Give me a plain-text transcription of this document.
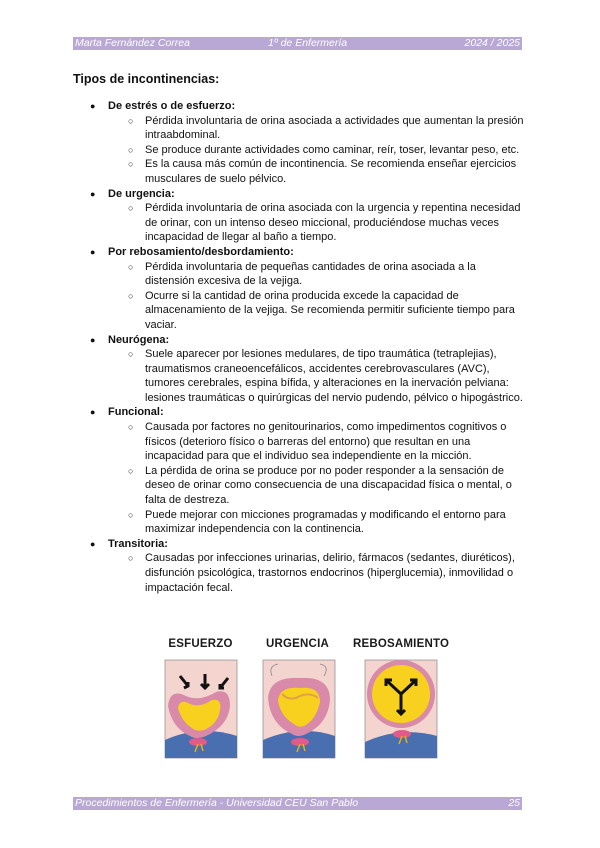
Marta Fernández Correa	1º de Enfermería	2024 / 2025
Tipos de incontinencias:
● De estrés o de esfuerzo:
○ Pérdida involuntaria de orina asociada a actividades que aumentan la presión intraabdominal.
○ Se produce durante actividades como caminar, reír, toser, levantar peso, etc.
○ Es la causa más común de incontinencia. Se recomienda enseñar ejercicios musculares de suelo pélvico.
● De urgencia:
○ Pérdida involuntaria de orina asociada con la urgencia y repentina necesidad de orinar, con un intenso deseo miccional, produciéndose muchas veces incapacidad de llegar al baño a tiempo.
● Por rebosamiento/desbordamiento:
○ Pérdida involuntaria de pequeñas cantidades de orina asociada a la distensión excesiva de la vejiga.
○ Ocurre si la cantidad de orina producida excede la capacidad de almacenamiento de la vejiga. Se recomienda permitir suficiente tiempo para vaciar.
● Neurógena:
○ Suele aparecer por lesiones medulares, de tipo traumática (tetraplejias), traumatismos craneoencefálicos, accidentes cerebrovasculares (AVC), tumores cerebrales, espina bífida, y alteraciones en la inervación pelviana: lesiones traumáticas o quirúrgicas del nervio pudendo, pélvico o hipogástrico.
● Funcional:
○ Causada por factores no genitourinarios, como impedimentos cognitivos o físicos (deterioro físico o barreras del entorno) que resultan en una incapacidad para que el individuo sea independiente en la micción.
○ La pérdida de orina se produce por no poder responder a la sensación de deseo de orinar como consecuencia de una discapacidad física o mental, o falta de destreza.
○ Puede mejorar con micciones programadas y modificando el entorno para maximizar independencia con la continencia.
● Transitoria:
○ Causadas por infecciones urinarias, delirio, fármacos (sedantes, diuréticos), disfunción psicológica, trastornos endocrinos (hiperglucemia), inmovilidad o impactación fecal.
ESFUERZO	URGENCIA	REBOSAMIENTO
Procedimientos de Enfermería - Universidad CEU San Pablo	25
